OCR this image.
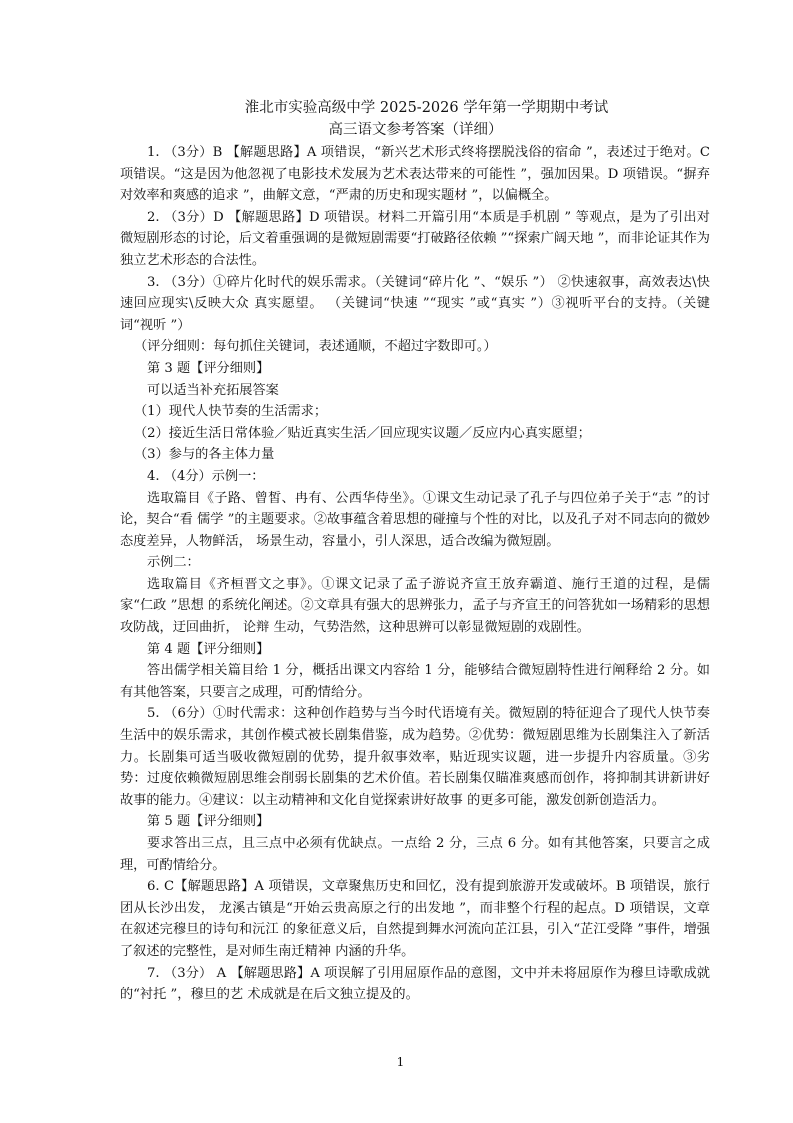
淮北市实验高级中学 2025-2026 学年第一学期期中考试
高三语文参考答案（详细）

1. （3分）B 【解题思路】A 项错误，“新兴艺术形式终将摆脱浅俗的宿命 ”，表述过于绝对。C 项错误。“这是因为他忽视了电影技术发展为艺术表达带来的可能性 ”，强加因果。D 项错误。“摒弃对效率和爽感的追求 ”，曲解文意，“严肃的历史和现实题材 ”，以偏概全。

2. （3分）D 【解题思路】D 项错误。材料二开篇引用“本质是手机剧 ” 等观点，是为了引出对微短剧形态的讨论，后文着重强调的是微短剧需要“打破路径依赖 ”“探索广阔天地 ”，而非论证其作为独立艺术形态的合法性。

3. （3分）①碎片化时代的娱乐需求。（关键词“碎片化 ”、“娱乐 ”） ②快速叙事，高效表达\快速回应现实\反映大众 真实愿望。 （关键词“快速 ”“现实 ”或“真实 ”）③视听平台的支持。（关键词“视听 ”）

（评分细则：每句抓住关键词，表述通顺，不超过字数即可。）

第 3 题【评分细则】

可以适当补充拓展答案

（1）现代人快节奏的生活需求；

（2）接近生活日常体验／贴近真实生活／回应现实议题／反应内心真实愿望；

（3）参与的各主体力量

4. （4分）示例一：

选取篇目《子路、曾皙、冉有、公西华侍坐》。①课文生动记录了孔子与四位弟子关于“志 ”的讨论，契合“看 儒学 ”的主题要求。②故事蕴含着思想的碰撞与个性的对比，以及孔子对不同志向的微妙态度差异，人物鲜活， 场景生动，容量小，引人深思，适合改编为微短剧。

示例二：

选取篇目《齐桓晋文之事》。①课文记录了孟子游说齐宣王放弃霸道、施行王道的过程，是儒家“仁政 ”思想 的系统化阐述。②文章具有强大的思辨张力，孟子与齐宣王的问答犹如一场精彩的思想攻防战，迂回曲折， 论辩 生动，气势浩然，这种思辨可以彰显微短剧的戏剧性。

第 4 题【评分细则】

答出儒学相关篇目给 1 分，概括出课文内容给 1 分，能够结合微短剧特性进行阐释给 2 分。如有其他答案，只要言之成理，可酌情给分。

5. （6分）①时代需求：这种创作趋势与当今时代语境有关。微短剧的特征迎合了现代人快节奏生活中的娱乐需求，其创作模式被长剧集借鉴，成为趋势。②优势：微短剧思维为长剧集注入了新活力。长剧集可适当吸收微短剧的优势，提升叙事效率，贴近现实议题，进一步提升内容质量。③劣势：过度依赖微短剧思维会削弱长剧集的艺术价值。若长剧集仅瞄准爽感而创作，将抑制其讲新讲好故事的能力。④建议：以主动精神和文化自觉探索讲好故事 的更多可能，激发创新创造活力。

第 5 题【评分细则】

要求答出三点，且三点中必须有优缺点。一点给 2 分，三点 6 分。如有其他答案，只要言之成理，可酌情给分。

6. C【解题思路】A 项错误，文章聚焦历史和回忆，没有提到旅游开发或破坏。B 项错误，旅行团从长沙出发， 龙溪古镇是“开始云贵高原之行的出发地 ”，而非整个行程的起点。D 项错误，文章在叙述完穆旦的诗句和沅江 的象征意义后，自然提到舞水河流向芷江县，引入“芷江受降 ”事件，增强了叙述的完整性，是对师生南迁精神 内涵的升华。

7. （3分） A 【解题思路】A 项误解了引用屈原作品的意图，文中并未将屈原作为穆旦诗歌成就的“衬托 ”，穆旦的艺 术成就是在后文独立提及的。

1
